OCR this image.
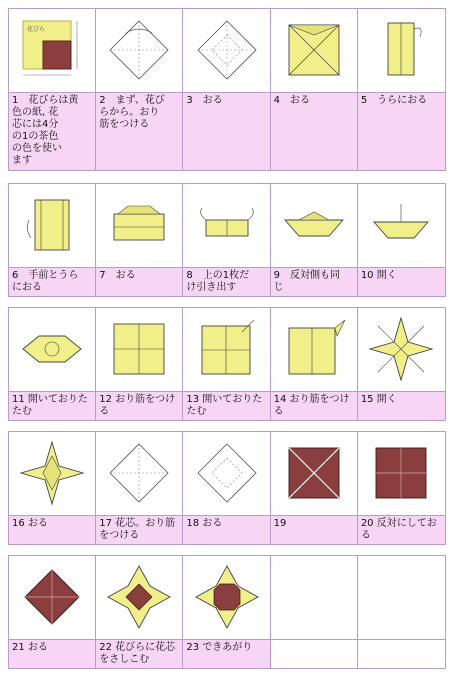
花びら
1　花びらは黄
色の紙, 花
芯には4分
の1の茶色
の色を使い
ます
2　まず、花び
らから。おり
筋をつける
3　おる	4　おる	5　うらにおる
6　手前とうら
におる
7　おる	8　上の1枚だ
け引き出す
9　反対側も同
じ
10 開く
11 開いておりた
たむ
12 おり筋をつけ
る
13 開いておりた
たむ
14 おり筋をつけ
る
15 開く
16 おる	17 花芯。おり筋
をつける
18 おる	19	20 反対にしてお
る
21 おる	22 花びらに花芯
をさしこむ
23 できあがり
